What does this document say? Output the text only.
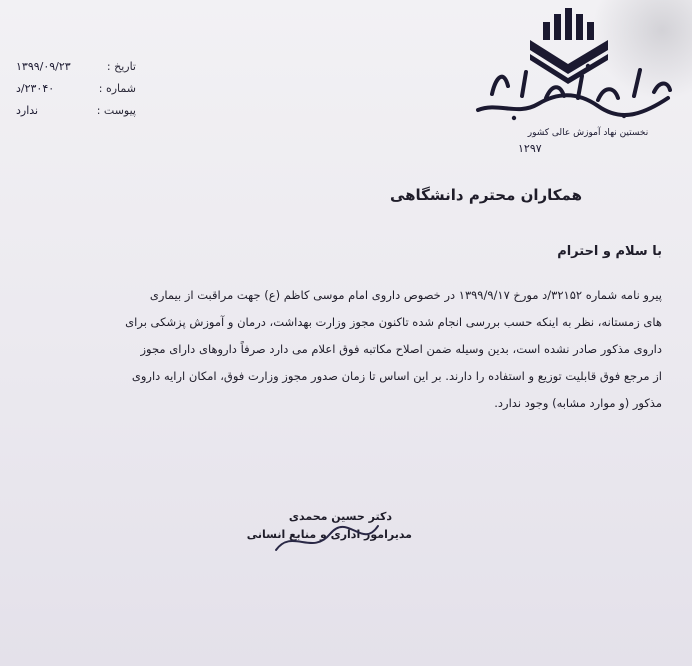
تاریخ :
۱۳۹۹/۰۹/۲۳
شماره :
۲۳۰۴۰/د
پیوست :
ندارد
نخستین نهاد آموزش عالی کشور
۱۲۹۷
همکاران محترم دانشگاهی
با سلام و احترام
پیرو نامه شماره ۳۲۱۵۲/د مورخ ۱۳۹۹/۹/۱۷ در خصوص داروی امام موسی کاظم (ع) جهت مراقبت از بیماری
های زمستانه، نظر به اینکه حسب بررسی انجام شده تاکنون مجوز وزارت بهداشت، درمان و آموزش پزشکی برای
داروی مذکور صادر نشده است، بدین وسیله ضمن اصلاح مکاتبه فوق اعلام می دارد صرفاً داروهای دارای مجوز
از مرجع فوق قابلیت توزیع و استفاده را دارند. بر این اساس تا زمان صدور مجوز وزارت فوق، امکان ارایه داروی
مذکور (و موارد مشابه) وجود ندارد.
دکتر حسین محمدی
مدیرامور اداری و منابع انسانی
